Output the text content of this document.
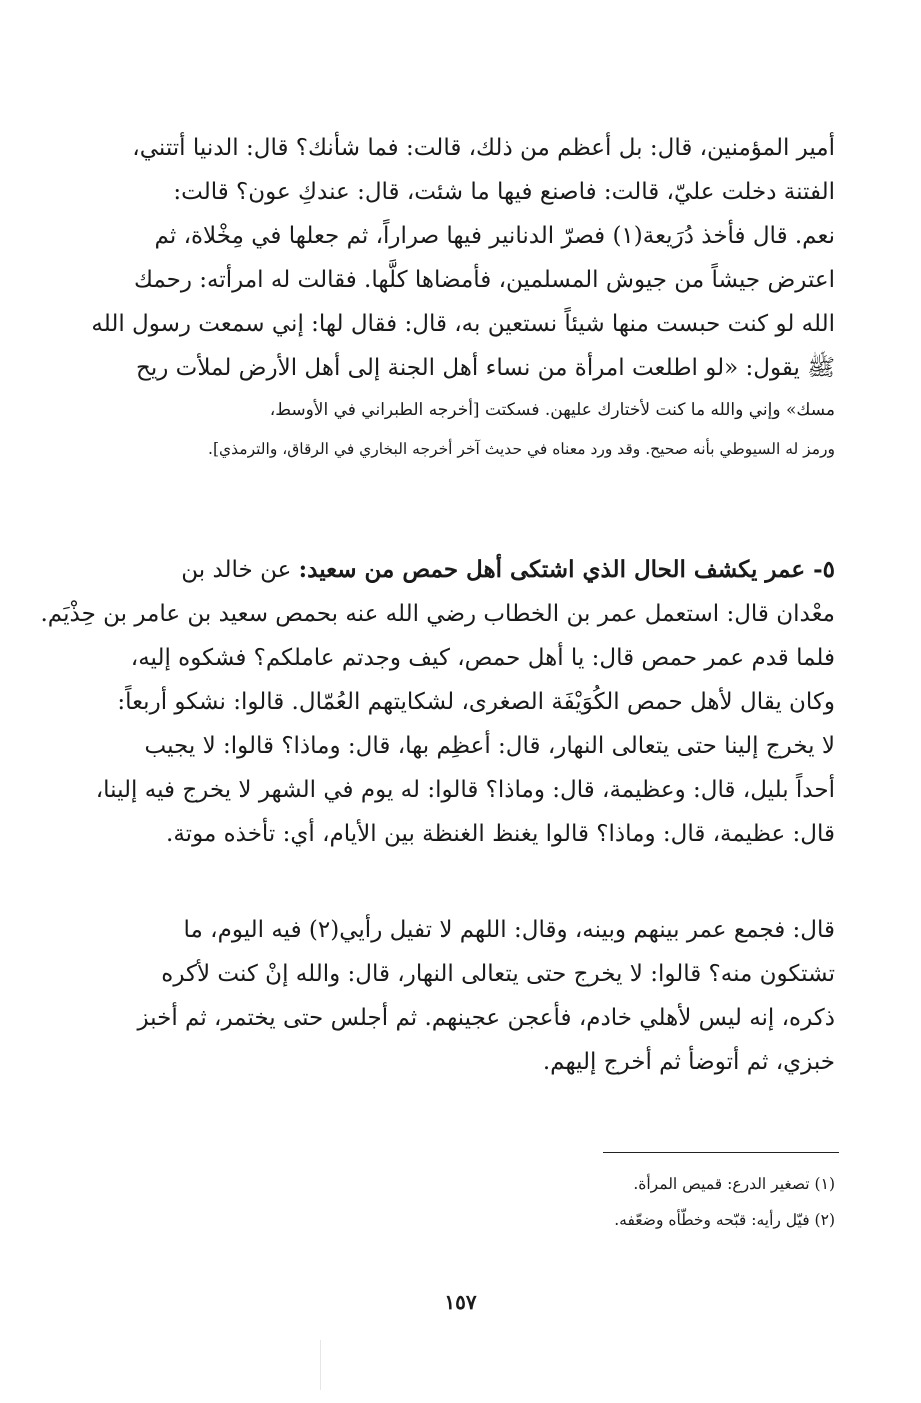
أمير المؤمنين، قال: بل أعظم من ذلك، قالت: فما شأنك؟ قال: الدنيا أتتني،
الفتنة دخلت عليّ، قالت: فاصنع فيها ما شئت، قال: عندكِ عون؟ قالت:
نعم. قال فأخذ دُرَيعة(١) فصرّ الدنانير فيها صراراً، ثم جعلها في مِخْلاة، ثم
اعترض جيشاً من جيوش المسلمين، فأمضاها كلَّها. فقالت له امرأته: رحمك
الله لو كنت حبست منها شيئاً نستعين به، قال: فقال لها: إني سمعت رسول الله
ﷺ يقول: «لو اطلعت امرأة من نساء أهل الجنة إلى أهل الأرض لملأت ريح
مسك» وإني والله ما كنت لأختارك عليهن. فسكتت [أخرجه الطبراني في الأوسط،
ورمز له السيوطي بأنه صحيح. وقد ورد معناه في حديث آخر أخرجه البخاري في الرقاق، والترمذي].
٥- عمر يكشف الحال الذي اشتكى أهل حمص من سعيد: عن خالد بن
معْدان قال: استعمل عمر بن الخطاب رضي الله عنه بحمص سعيد بن عامر بن حِذْيَم.
فلما قدم عمر حمص قال: يا أهل حمص، كيف وجدتم عاملكم؟ فشكوه إليه،
وكان يقال لأهل حمص الكُوَيْفَة الصغرى، لشكايتهم العُمّال. قالوا: نشكو أربعاً:
لا يخرج إلينا حتى يتعالى النهار، قال: أعظِم بها، قال: وماذا؟ قالوا: لا يجيب
أحداً بليل، قال: وعظيمة، قال: وماذا؟ قالوا: له يوم في الشهر لا يخرج فيه إلينا،
قال: عظيمة، قال: وماذا؟ قالوا يغنظ الغنظة بين الأيام، أي: تأخذه موتة.
قال: فجمع عمر بينهم وبينه، وقال: اللهم لا تفيل رأيي(٢) فيه اليوم، ما
تشتكون منه؟ قالوا: لا يخرج حتى يتعالى النهار، قال: والله إنْ كنت لأكره
ذكره، إنه ليس لأهلي خادم، فأعجن عجينهم. ثم أجلس حتى يختمر، ثم أخبز
خبزي، ثم أتوضأ ثم أخرج إليهم.
(١) تصغير الدرع: قميص المرأة.
(٢) فيّل رأيه: قبّحه وخطّأه وضعّفه.
١٥٧
